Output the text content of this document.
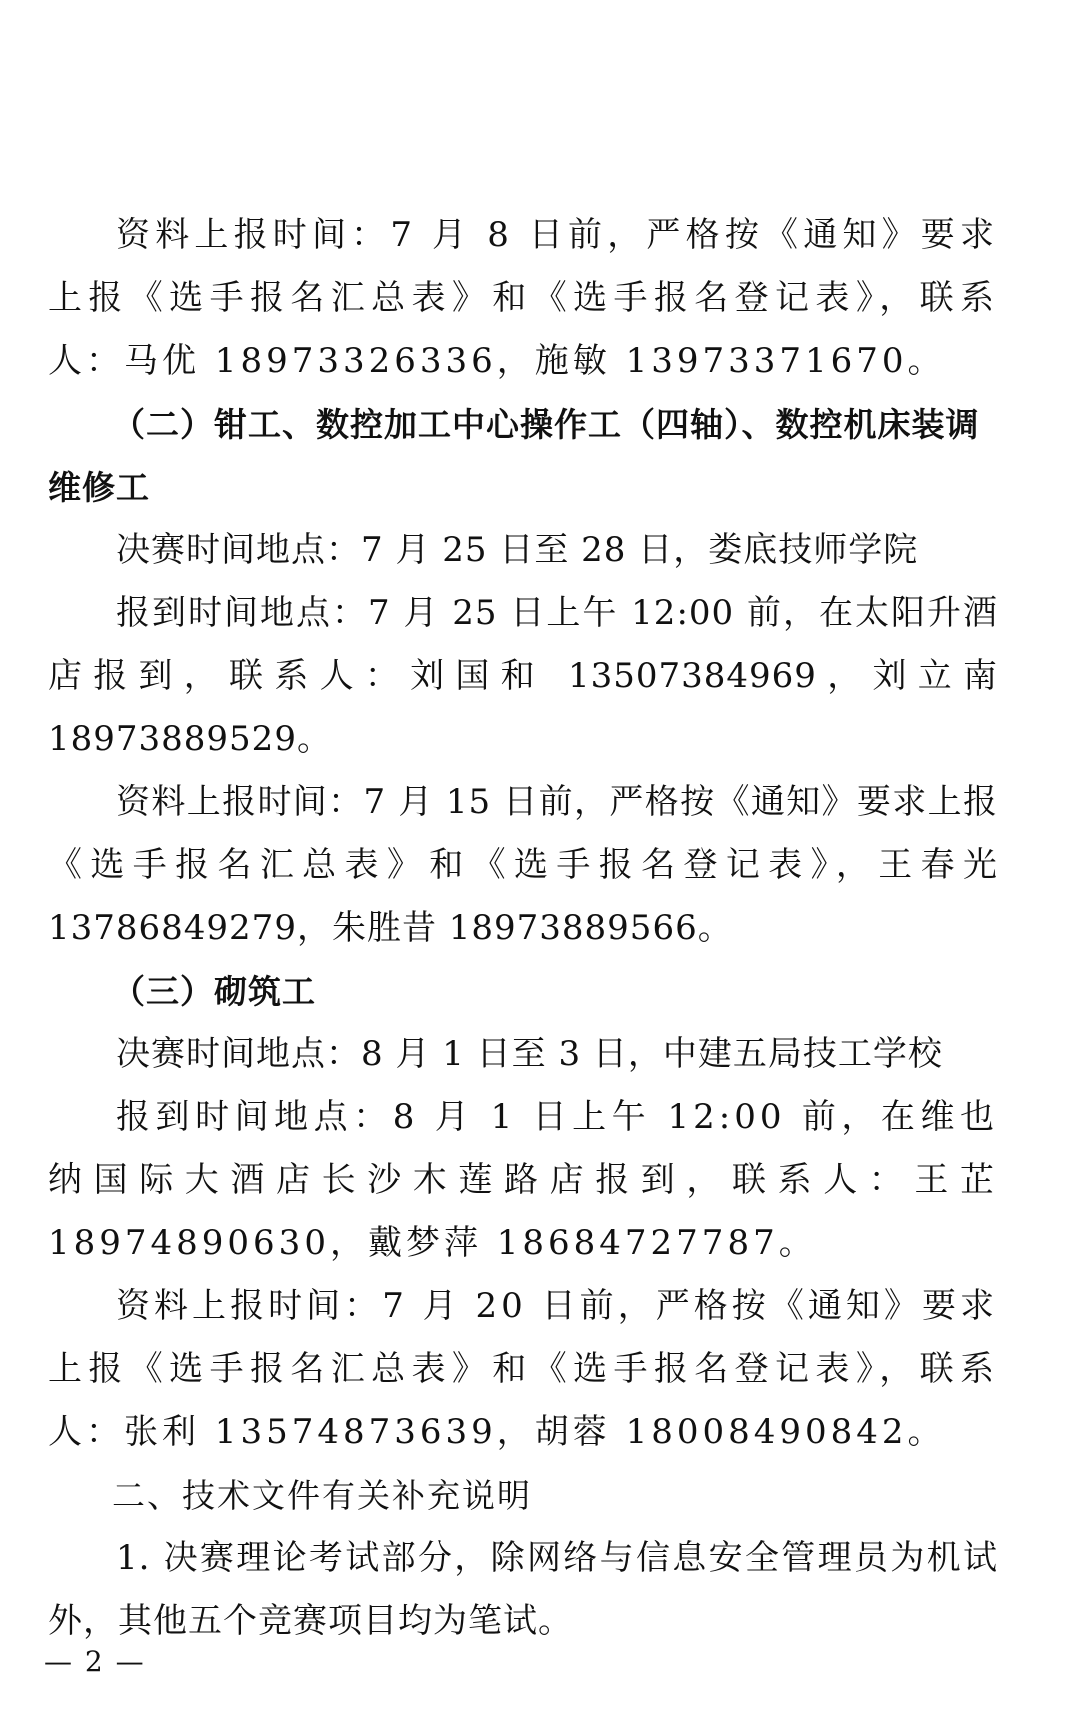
资料上报时间：7 月 8 日前，严格按《通知》要求上报《选手报名汇总表》和《选手报名登记表》，联系人：马优 18973326336，施敏 13973371670。

（二）钳工、数控加工中心操作工（四轴）、数控机床装调维修工

决赛时间地点：7 月 25 日至 28 日，娄底技师学院

报到时间地点：7 月 25 日上午 12:00 前，在太阳升酒店报到，联系人：刘国和 13507384969，刘立南 18973889529。

资料上报时间：7 月 15 日前，严格按《通知》要求上报《选手报名汇总表》和《选手报名登记表》，王春光 13786849279，朱胜昔 18973889566。

（三）砌筑工

决赛时间地点：8 月 1 日至 3 日，中建五局技工学校

报到时间地点：8 月 1 日上午 12:00 前，在维也纳国际大酒店长沙木莲路店报到，联系人：王芷 18974890630，戴梦萍 18684727787。

资料上报时间：7 月 20 日前，严格按《通知》要求上报《选手报名汇总表》和《选手报名登记表》，联系人：张利 13574873639，胡蓉 18008490842。

二、技术文件有关补充说明

1. 决赛理论考试部分，除网络与信息安全管理员为机试外，其他五个竞赛项目均为笔试。

— 2 —
